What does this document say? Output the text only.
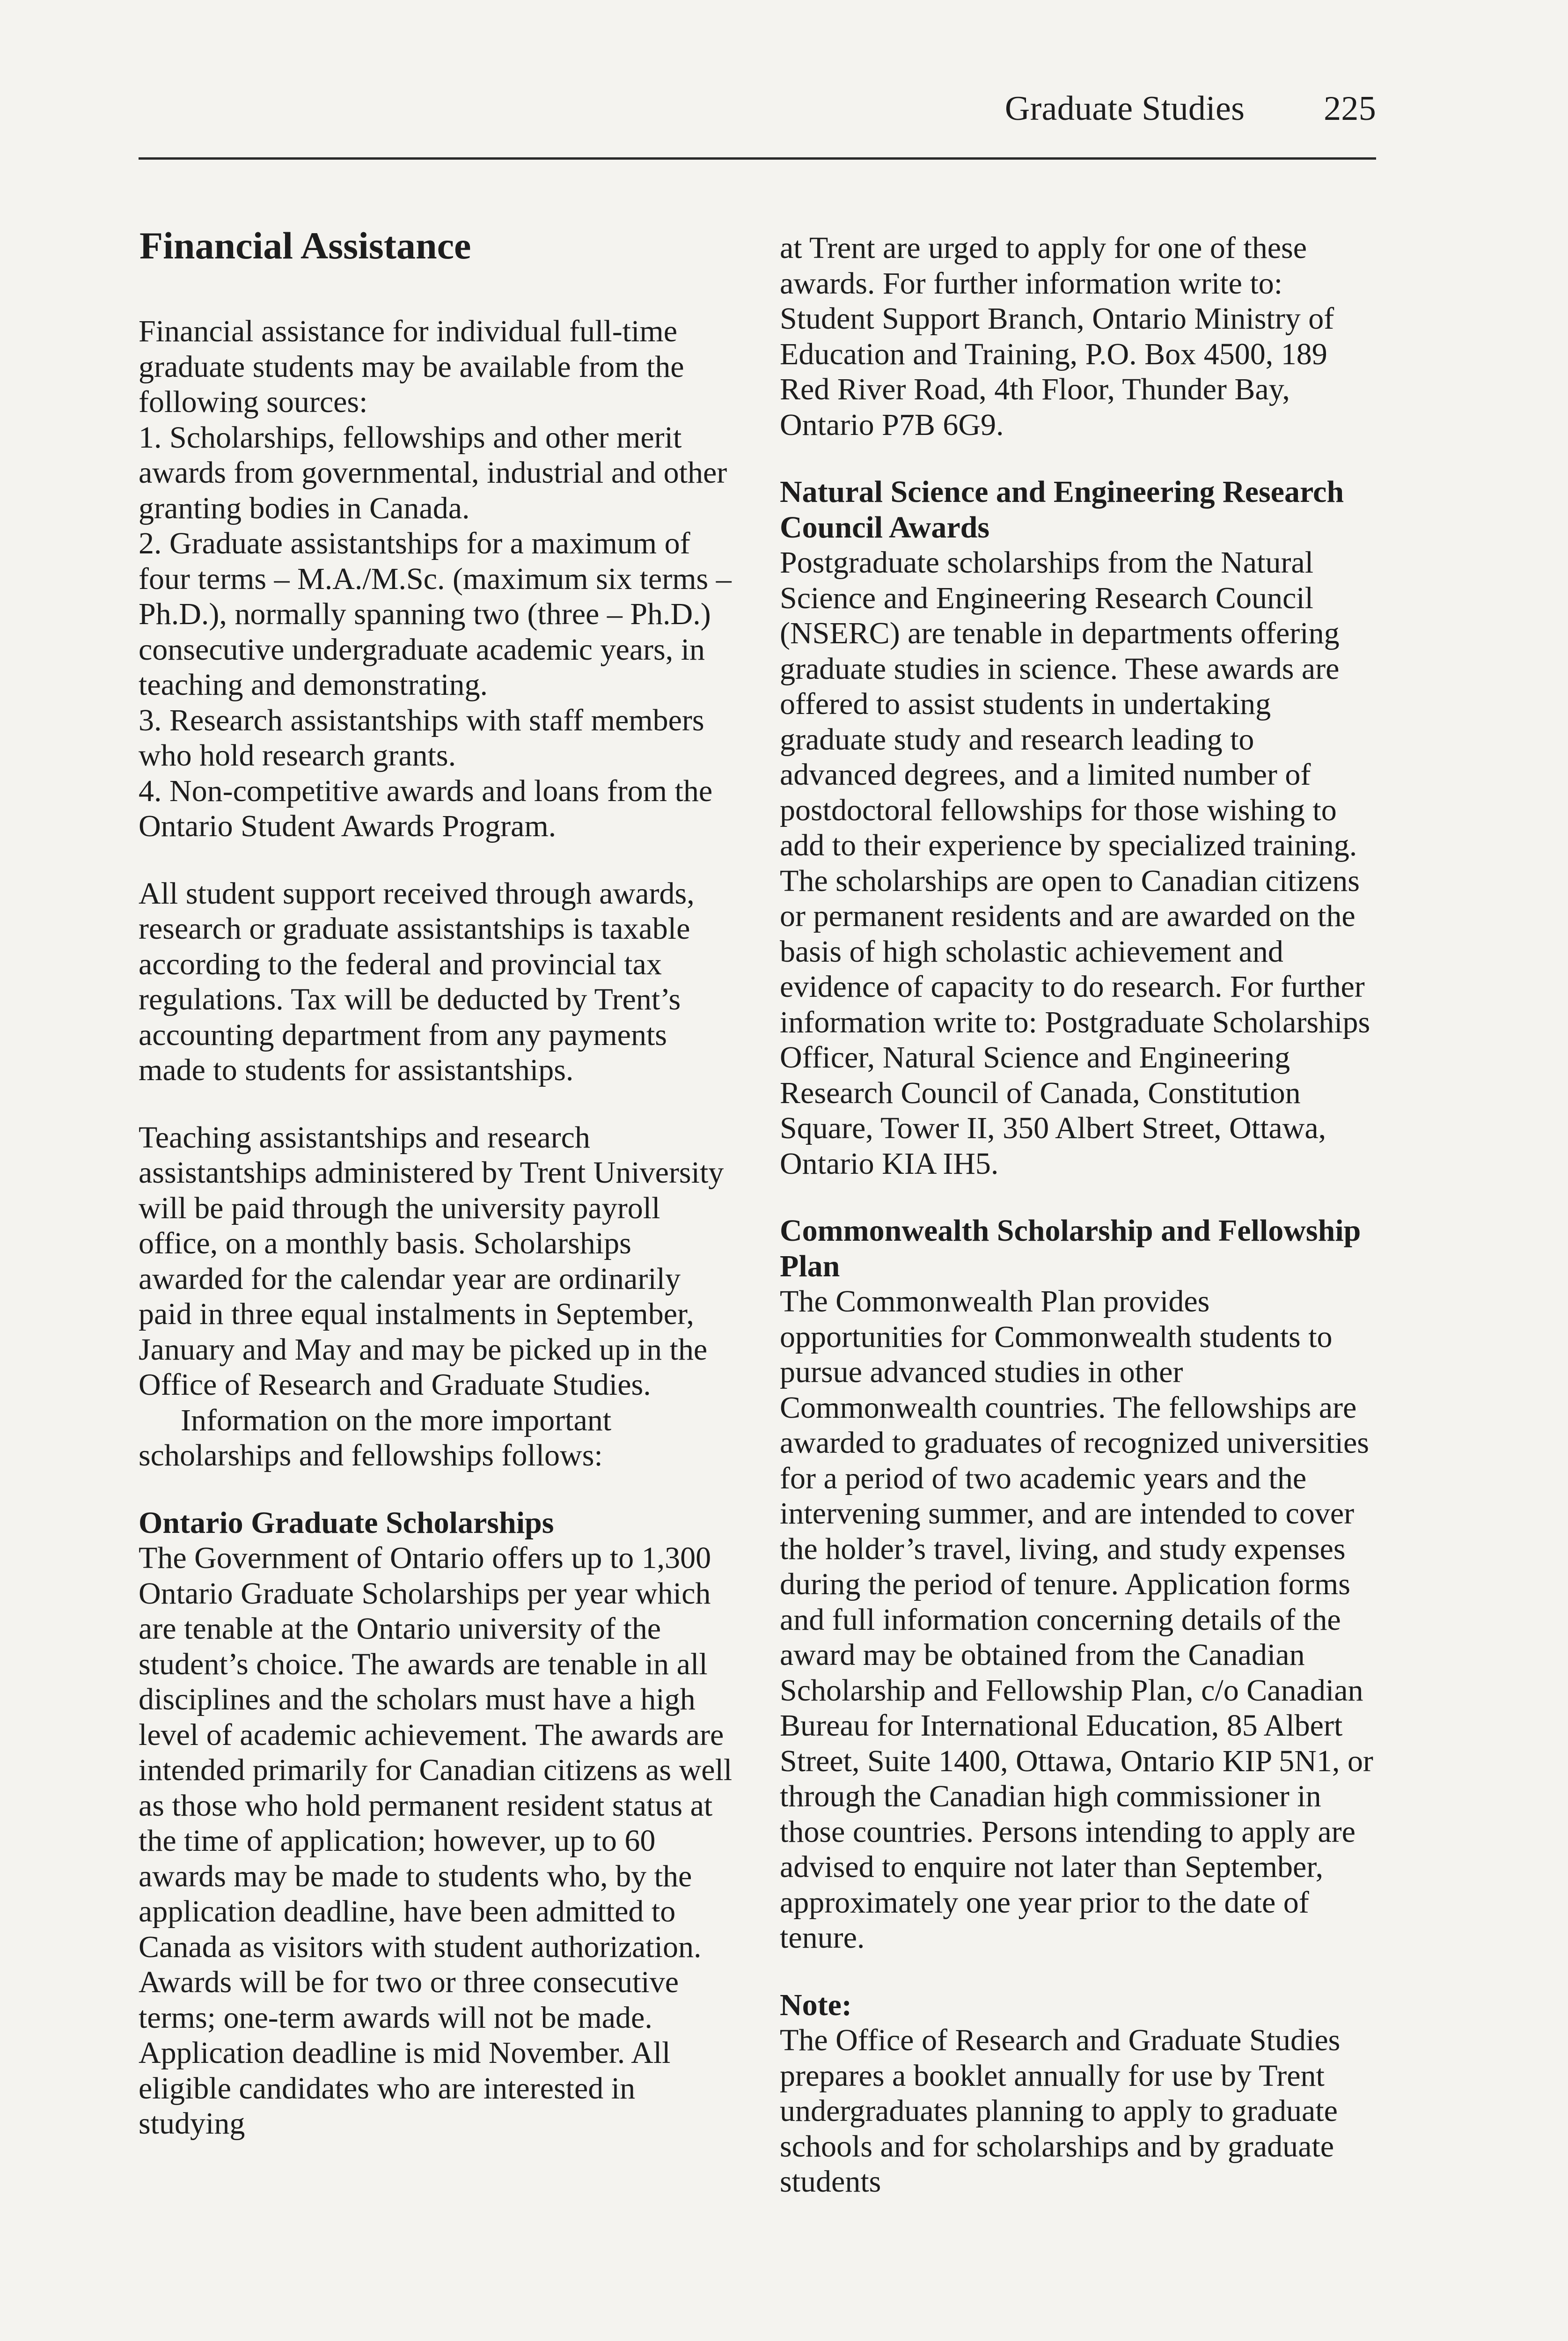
Graduate Studies 225
Financial Assistance

Financial assistance for individual full-time graduate students may be available from the following sources:

1. Scholarships, fellowships and other merit awards from governmental, industrial and other granting bodies in Canada.

2. Graduate assistantships for a maximum of four terms – M.A./M.Sc. (maximum six terms – Ph.D.), normally spanning two (three – Ph.D.) consecutive undergraduate academic years, in teaching and demonstrating.

3. Research assistantships with staff members who hold research grants.

4. Non-competitive awards and loans from the Ontario Student Awards Program.

All student support received through awards, research or graduate assistantships is taxable according to the federal and provincial tax regulations. Tax will be deducted by Trent’s accounting department from any payments made to students for assistantships.

Teaching assistantships and research assistantships administered by Trent University will be paid through the university payroll office, on a monthly basis. Scholarships awarded for the calendar year are ordinarily paid in three equal instalments in September, January and May and may be picked up in the Office of Research and Graduate Studies.

Information on the more important scholarships and fellowships follows:

Ontario Graduate Scholarships

The Government of Ontario offers up to 1,300 Ontario Graduate Scholarships per year which are tenable at the Ontario university of the student’s choice. The awards are tenable in all disciplines and the scholars must have a high level of academic achievement. The awards are intended primarily for Canadian citizens as well as those who hold permanent resident status at the time of application; however, up to 60 awards may be made to students who, by the application deadline, have been admitted to Canada as visitors with student authorization. Awards will be for two or three consecutive terms; one-term awards will not be made. Application deadline is mid November. All eligible candidates who are interested in studying

at Trent are urged to apply for one of these awards. For further information write to: Student Support Branch, Ontario Ministry of Education and Training, P.O. Box 4500, 189 Red River Road, 4th Floor, Thunder Bay, Ontario P7B 6G9.

Natural Science and Engineering Research Council Awards

Postgraduate scholarships from the Natural Science and Engineering Research Council (NSERC) are tenable in departments offering graduate studies in science. These awards are offered to assist students in undertaking graduate study and research leading to advanced degrees, and a limited number of postdoctoral fellowships for those wishing to add to their experience by specialized training. The scholarships are open to Canadian citizens or permanent residents and are awarded on the basis of high scholastic achievement and evidence of capacity to do research. For further information write to: Postgraduate Scholarships Officer, Natural Science and Engineering Research Council of Canada, Constitution Square, Tower II, 350 Albert Street, Ottawa, Ontario KIA IH5.

Commonwealth Scholarship and Fellowship Plan

The Commonwealth Plan provides opportunities for Commonwealth students to pursue advanced studies in other Commonwealth countries. The fellowships are awarded to graduates of recognized universities for a period of two academic years and the intervening summer, and are intended to cover the holder’s travel, living, and study expenses during the period of tenure. Application forms and full information concerning details of the award may be obtained from the Canadian Scholarship and Fellowship Plan, c/o Canadian Bureau for International Education, 85 Albert Street, Suite 1400, Ottawa, Ontario KIP 5N1, or through the Canadian high commissioner in those countries. Persons intending to apply are advised to enquire not later than September, approximately one year prior to the date of tenure.

Note:

The Office of Research and Graduate Studies prepares a booklet annually for use by Trent undergraduates planning to apply to graduate schools and for scholarships and by graduate students
